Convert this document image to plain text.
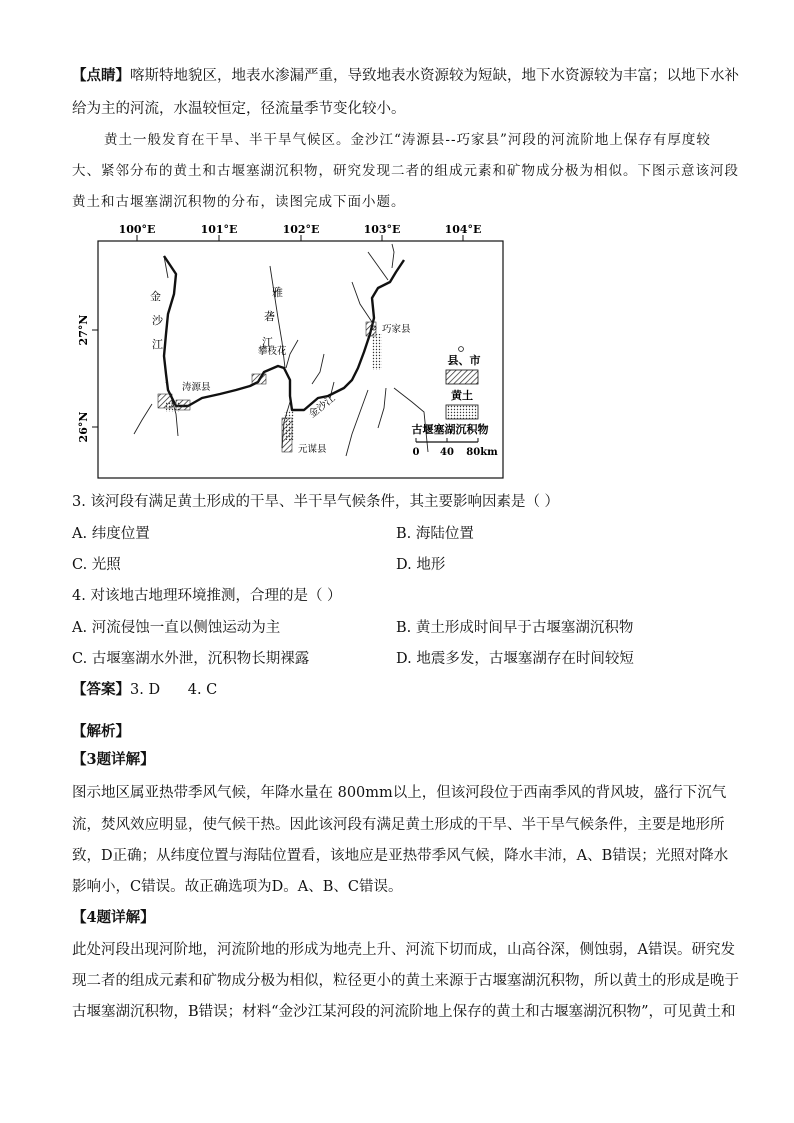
【点睛】喀斯特地貌区，地表水渗漏严重，导致地表水资源较为短缺，地下水资源较为丰富；以地下水补
给为主的河流，水温较恒定，径流量季节变化较小。
黄土一般发育在干旱、半干旱气候区。金沙江“涛源县--巧家县”河段的河流阶地上保存有厚度较
大、紧邻分布的黄土和古堰塞湖沉积物，研究发现二者的组成元素和矿物成分极为相似。下图示意该河段
黄土和古堰塞湖沉积物的分布，读图完成下面小题。
100°E	101°E	102°E	103°E	104°E
27°N
26°N
金
沙
江
雅
砻
江
金沙江
涛源县
攀枝花
元谋县
巧家县
县、市
黄土
古堰塞湖沉积物
0 40 80km
3. 该河段有满足黄土形成的干旱、半干旱气候条件，其主要影响因素是（ ）
A. 纬度位置	B. 海陆位置
C. 光照	D. 地形
4. 对该地古地理环境推测，合理的是（ ）
A. 河流侵蚀一直以侧蚀运动为主	B. 黄土形成时间早于古堰塞湖沉积物
C. 古堰塞湖水外泄，沉积物长期裸露	D. 地震多发，古堰塞湖存在时间较短
【答案】3. D      4. C
【解析】
【3题详解】
图示地区属亚热带季风气候，年降水量在 800mm以上，但该河段位于西南季风的背风坡，盛行下沉气
流，焚风效应明显，使气候干热。因此该河段有满足黄土形成的干旱、半干旱气候条件，主要是地形所
致，D正确；从纬度位置与海陆位置看，该地应是亚热带季风气候，降水丰沛，A、B错误；光照对降水
影响小，C错误。故正确选项为D。A、B、C错误。
【4题详解】
此处河段出现河阶地，河流阶地的形成为地壳上升、河流下切而成，山高谷深，侧蚀弱，A错误。研究发
现二者的组成元素和矿物成分极为相似，粒径更小的黄土来源于古堰塞湖沉积物，所以黄土的形成是晚于
古堰塞湖沉积物，B错误；材料“金沙江某河段的河流阶地上保存的黄土和古堰塞湖沉积物”，可见黄土和
